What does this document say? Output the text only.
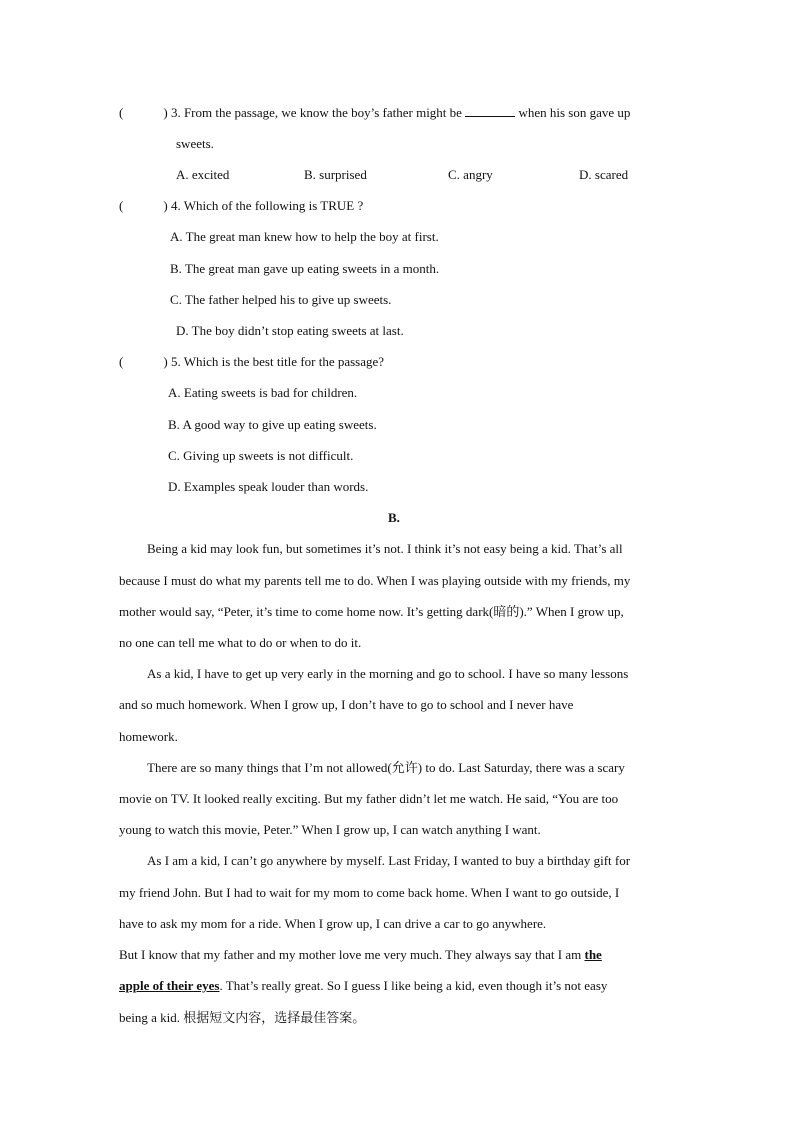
(	) 3. From the passage, we know the boy’s father might be	when his son gave up
sweets.
A. excited	B. surprised	C. angry	D. scared
(	) 4. Which of the following is TRUE ?
A. The great man knew how to help the boy at first.
B. The great man gave up eating sweets in a month.
C. The father helped his to give up sweets.
D. The boy didn’t stop eating sweets at last.
(	) 5. Which is the best title for the passage?
A. Eating sweets is bad for children.
B. A good way to give up eating sweets.
C. Giving up sweets is not difficult.
D. Examples speak louder than words.
B.
Being a kid may look fun, but sometimes it’s not. I think it’s not easy being a kid. That’s all
because I must do what my parents tell me to do. When I was playing outside with my friends, my
mother would say, “Peter, it’s time to come home now. It’s getting dark(暗的).” When I grow up,
no one can tell me what to do or when to do it.
As a kid, I have to get up very early in the morning and go to school. I have so many lessons
and so much homework. When I grow up, I don’t have to go to school and I never have
homework.
There are so many things that I’m not allowed(允许) to do. Last Saturday, there was a scary
movie on TV. It looked really exciting. But my father didn’t let me watch. He said, “You are too
young to watch this movie, Peter.” When I grow up, I can watch anything I want.
As I am a kid, I can’t go anywhere by myself. Last Friday, I wanted to buy a birthday gift for
my friend John. But I had to wait for my mom to come back home. When I want to go outside, I
have to ask my mom for a ride. When I grow up, I can drive a car to go anywhere.
But I know that my father and my mother love me very much. They always say that I am the
apple of their eyes. That’s really great. So I guess I like being a kid, even though it’s not easy
being a kid. 根据短文内容，选择最佳答案。
